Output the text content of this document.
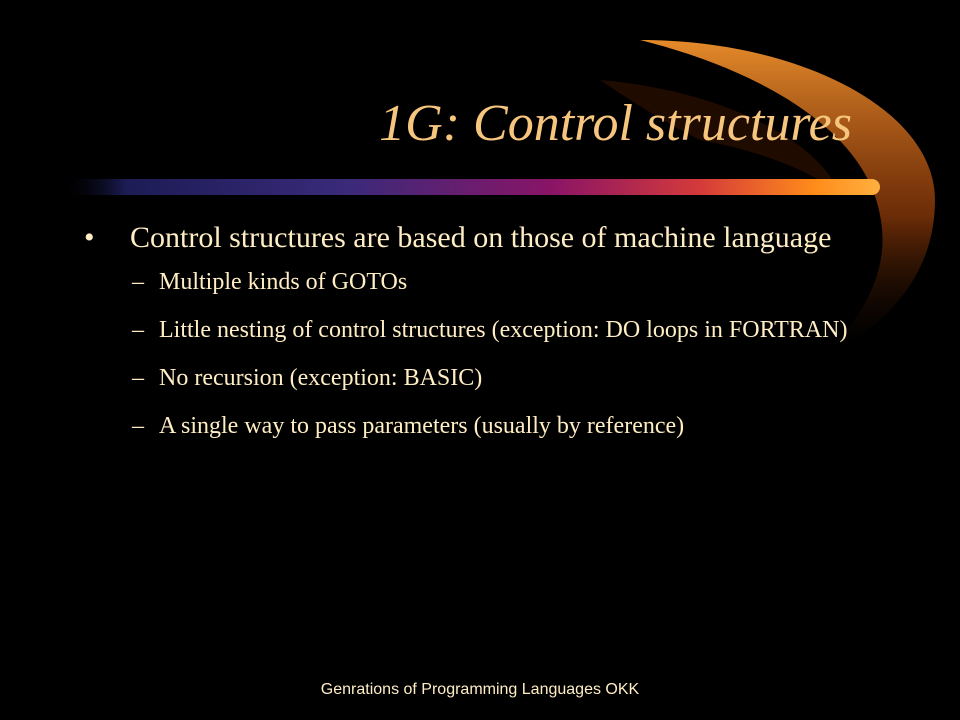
1G: Control structures
•	Control structures are based on those of machine language
– Multiple kinds of GOTOs
– Little nesting of control structures (exception: DO loops in FORTRAN)
– No recursion (exception: BASIC)
– A single way to pass parameters (usually by reference)
Genrations of Programming Languages OKK
